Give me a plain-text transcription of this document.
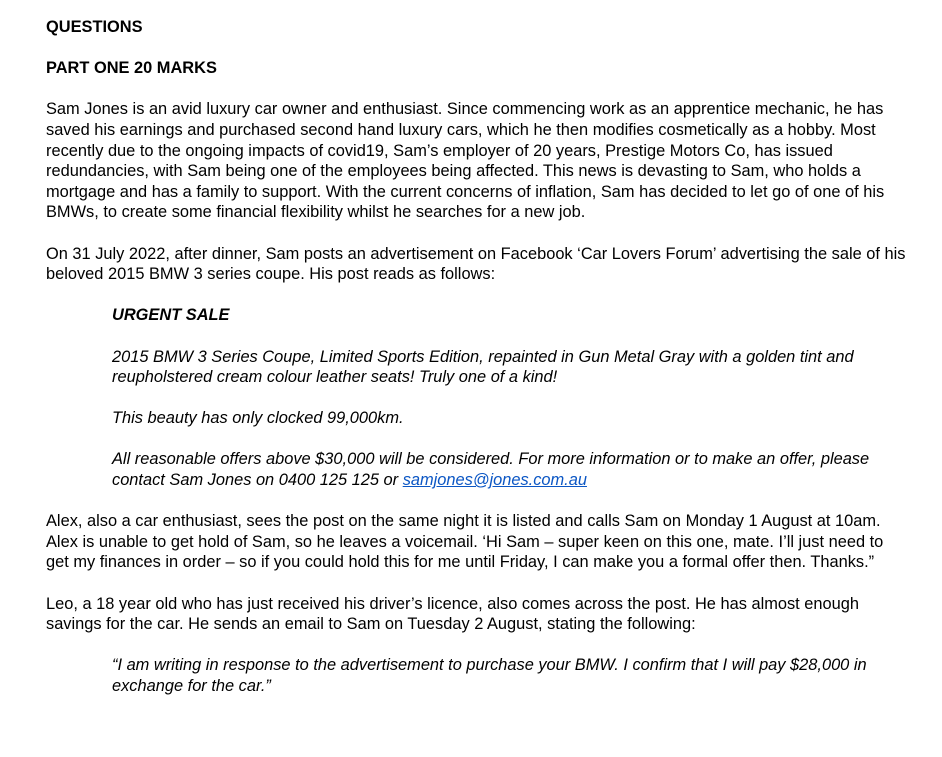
QUESTIONS
PART ONE 20 MARKS

Sam Jones is an avid luxury car owner and enthusiast. Since commencing work as an apprentice mechanic, he has saved his earnings and purchased second hand luxury cars, which he then modifies cosmetically as a hobby. Most recently due to the ongoing impacts of covid19, Sam’s employer of 20 years, Prestige Motors Co, has issued redundancies, with Sam being one of the employees being affected. This news is devasting to Sam, who holds a mortgage and has a family to support. With the current concerns of inflation, Sam has decided to let go of one of his BMWs, to create some financial flexibility whilst he searches for a new job.

On 31 July 2022, after dinner, Sam posts an advertisement on Facebook ‘Car Lovers Forum’ advertising the sale of his beloved 2015 BMW 3 series coupe. His post reads as follows:

URGENT SALE

2015 BMW 3 Series Coupe, Limited Sports Edition, repainted in Gun Metal Gray with a golden tint and reupholstered cream colour leather seats! Truly one of a kind!

This beauty has only clocked 99,000km.

All reasonable offers above $30,000 will be considered. For more information or to make an offer, please contact Sam Jones on 0400 125 125 or samjones@jones.com.au

Alex, also a car enthusiast, sees the post on the same night it is listed and calls Sam on Monday 1 August at 10am. Alex is unable to get hold of Sam, so he leaves a voicemail. ‘Hi Sam – super keen on this one, mate. I’ll just need to get my finances in order – so if you could hold this for me until Friday, I can make you a formal offer then. Thanks.”

Leo, a 18 year old who has just received his driver’s licence, also comes across the post. He has almost enough savings for the car. He sends an email to Sam on Tuesday 2 August, stating the following:

“I am writing in response to the advertisement to purchase your BMW. I confirm that I will pay $28,000 in exchange for the car.”
